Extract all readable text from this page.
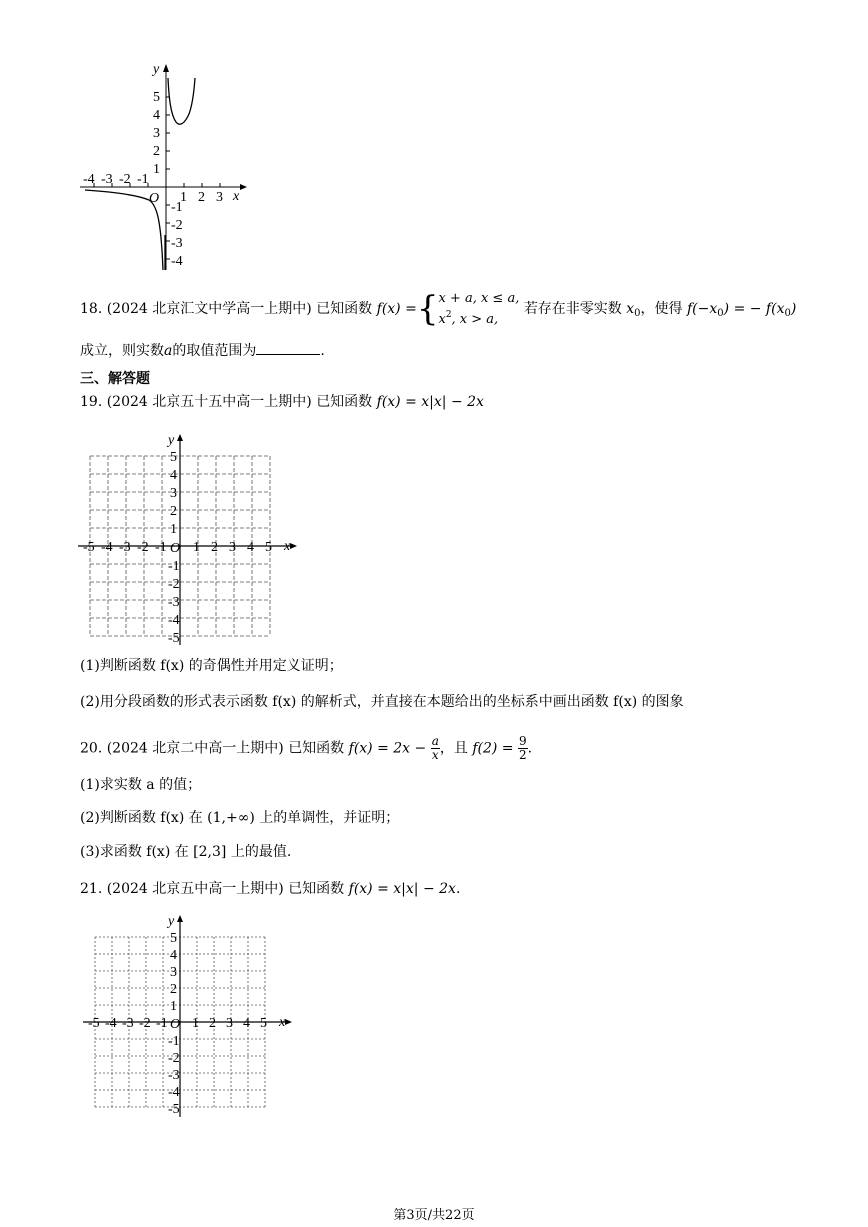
y
x
O
5
4
3
2
1
-1
-2
-3
-4
-4 -3 -2 -1
1 2 3
18. (2024 北京汇文中学高一上期中) 已知函数 f(x) ={ x + a, x ≤ a,
$x^2$, x > a,
若存在非零实数 $x_0$，使得 $f(-x_0)$ = − $f(x_0)$
成立，则实数a的取值范围为	.
三、解答题
19. (2024 北京五十五中高一上期中) 已知函数 f(x) = x|x| − 2x
-5 -4 -3 -2 -1 1 2 3 4 5
1
2
3
4
5
-1
-2
-3
-4
-5
O	x
y
(1)判断函数 f(x) 的奇偶性并用定义证明；
(2)用分段函数的形式表示函数 f(x) 的解析式，并直接在本题给出的坐标系中画出函数 f(x) 的图象
20. (2024 北京二中高一上期中) 已知函数 $f(x) = 2x - \frac{a}{x}$ ，且 $f(2) = \frac{9}{2}$ .
(1)求实数 a 的值；
(2)判断函数 f(x) 在 (1,+∞) 上的单调性，并证明；
(3)求函数 f(x) 在 [2,3] 上的最值.
21. (2024 北京五中高一上期中) 已知函数 f(x) = x|x| − 2x.
-5 -4 -3 -2 -1 1 2 3 4 5
1
2
3
4
5
-1
-2
-3
-4
-5
O	x
y
第3页/共22页
